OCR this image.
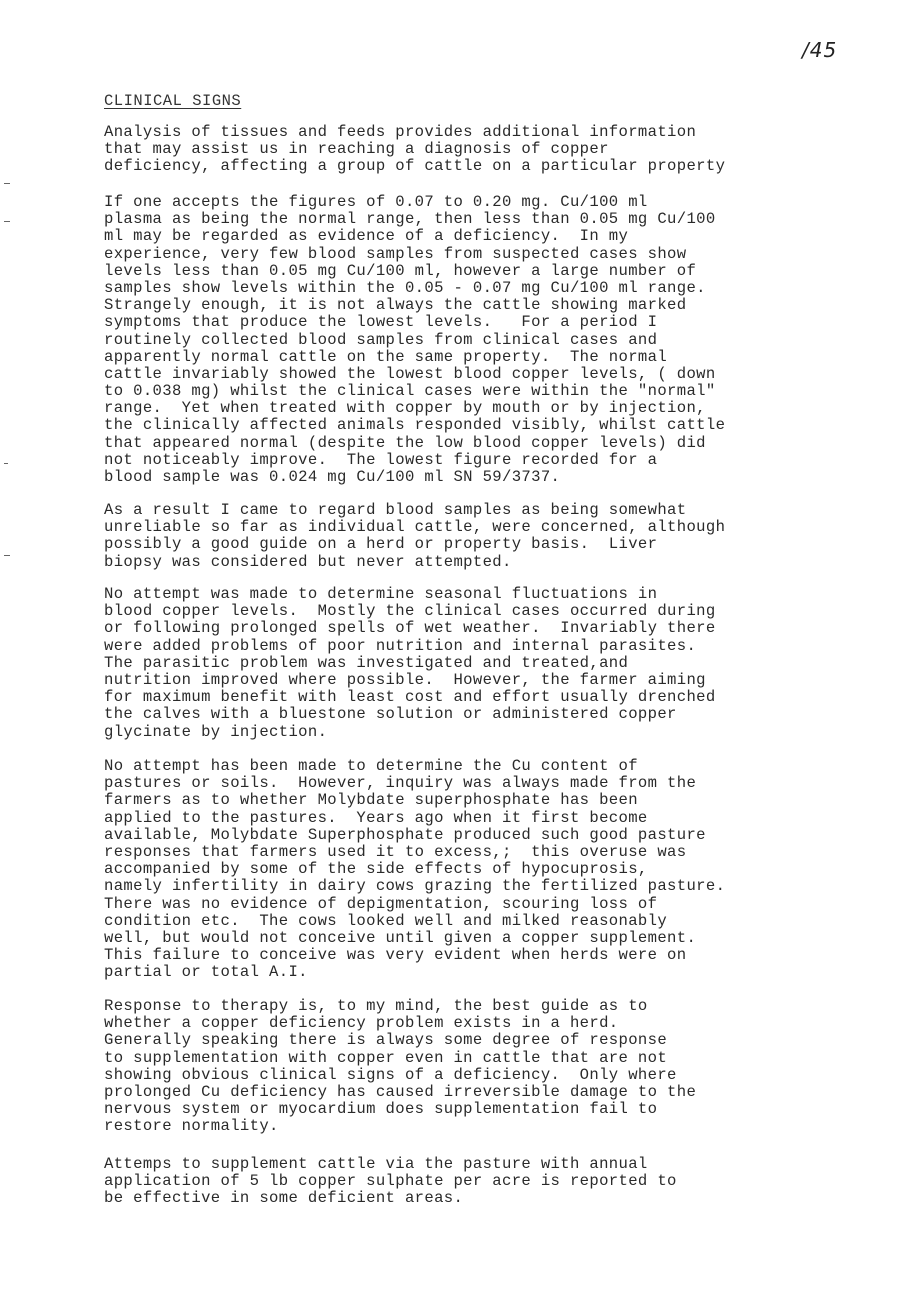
/45
CLINICAL SIGNS
Analysis of tissues and feeds provides additional information
that may assist us in reaching a diagnosis of copper
deficiency, affecting a group of cattle on a particular property
If one accepts the figures of 0.07 to 0.20 mg. Cu/100 ml
plasma as being the normal range, then less than 0.05 mg Cu/100
ml may be regarded as evidence of a deficiency.  In my
experience, very few blood samples from suspected cases show
levels less than 0.05 mg Cu/100 ml, however a large number of
samples show levels within the 0.05 - 0.07 mg Cu/100 ml range.
Strangely enough, it is not always the cattle showing marked
symptoms that produce the lowest levels.   For a period I
routinely collected blood samples from clinical cases and
apparently normal cattle on the same property.  The normal
cattle invariably showed the lowest blood copper levels, ( down
to 0.038 mg) whilst the clinical cases were within the "normal"
range.  Yet when treated with copper by mouth or by injection,
the clinically affected animals responded visibly, whilst cattle
that appeared normal (despite the low blood copper levels) did
not noticeably improve.  The lowest figure recorded for a
blood sample was 0.024 mg Cu/100 ml SN 59/3737.
As a result I came to regard blood samples as being somewhat
unreliable so far as individual cattle, were concerned, although
possibly a good guide on a herd or property basis.  Liver
biopsy was considered but never attempted.
No attempt was made to determine seasonal fluctuations in
blood copper levels.  Mostly the clinical cases occurred during
or following prolonged spells of wet weather.  Invariably there
were added problems of poor nutrition and internal parasites.
The parasitic problem was investigated and treated,and
nutrition improved where possible.  However, the farmer aiming
for maximum benefit with least cost and effort usually drenched
the calves with a bluestone solution or administered copper
glycinate by injection.
No attempt has been made to determine the Cu content of
pastures or soils.  However, inquiry was always made from the
farmers as to whether Molybdate superphosphate has been
applied to the pastures.  Years ago when it first become
available, Molybdate Superphosphate produced such good pasture
responses that farmers used it to excess,;  this overuse was
accompanied by some of the side effects of hypocuprosis,
namely infertility in dairy cows grazing the fertilized pasture.
There was no evidence of depigmentation, scouring loss of
condition etc.  The cows looked well and milked reasonably
well, but would not conceive until given a copper supplement.
This failure to conceive was very evident when herds were on
partial or total A.I.
Response to therapy is, to my mind, the best guide as to
whether a copper deficiency problem exists in a herd.
Generally speaking there is always some degree of response
to supplementation with copper even in cattle that are not
showing obvious clinical signs of a deficiency.  Only where
prolonged Cu deficiency has caused irreversible damage to the
nervous system or myocardium does supplementation fail to
restore normality.
Attemps to supplement cattle via the pasture with annual
application of 5 lb copper sulphate per acre is reported to
be effective in some deficient areas.
